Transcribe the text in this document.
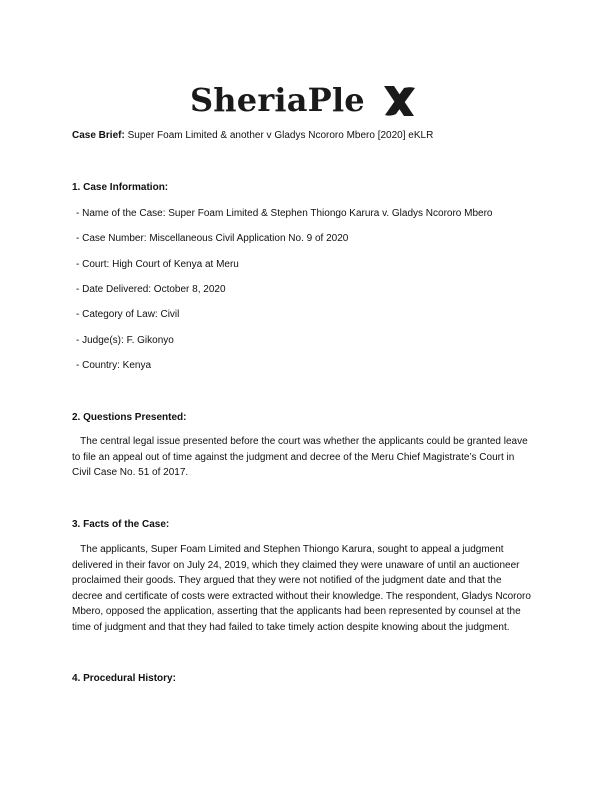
SheriaPle
Case Brief: Super Foam Limited & another v Gladys Ncororo Mbero [2020] eKLR
1. Case Information:
- Name of the Case: Super Foam Limited & Stephen Thiongo Karura v. Gladys Ncororo Mbero
- Case Number: Miscellaneous Civil Application No. 9 of 2020
- Court: High Court of Kenya at Meru
- Date Delivered: October 8, 2020
- Category of Law: Civil
- Judge(s): F. Gikonyo
- Country: Kenya
2. Questions Presented:
The central legal issue presented before the court was whether the applicants could be granted leave
to file an appeal out of time against the judgment and decree of the Meru Chief Magistrate’s Court in
Civil Case No. 51 of 2017.
3. Facts of the Case:
The applicants, Super Foam Limited and Stephen Thiongo Karura, sought to appeal a judgment
delivered in their favor on July 24, 2019, which they claimed they were unaware of until an auctioneer
proclaimed their goods. They argued that they were not notified of the judgment date and that the
decree and certificate of costs were extracted without their knowledge. The respondent, Gladys Ncororo
Mbero, opposed the application, asserting that the applicants had been represented by counsel at the
time of judgment and that they had failed to take timely action despite knowing about the judgment.
4. Procedural History:
